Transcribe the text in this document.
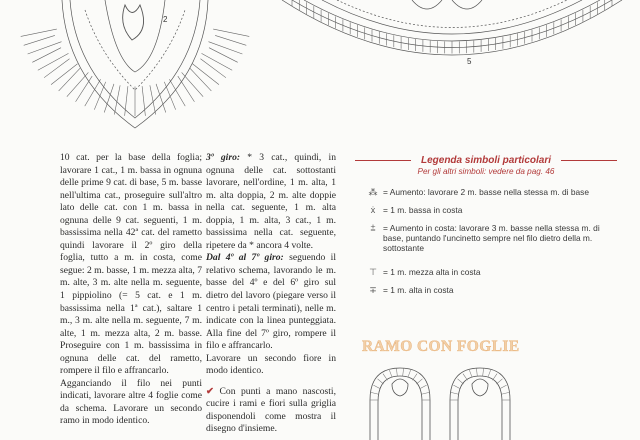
2
5

10 cat. per la base della foglia; lavorare 1 cat., 1 m. bassa in ognuna delle prime 9 cat. di base, 5 m. basse nell'ultima cat., proseguire sull'altro lato delle cat. con 1 m. bassa in ognuna delle 9 cat. seguenti, 1 m. bassissima nella 42ª cat. del rametto quindi lavorare il 2º giro della foglia, tutto a m. in costa, come segue: 2 m. basse, 1 m. mezza alta, 7 m. alte, 3 m. alte nella m. seguente, 1 pippiolino (= 5 cat. e 1 m. bassissima nella 1ª cat.), saltare 1 m., 3 m. alte nella m. seguente, 7 m. alte, 1 m. mezza alta, 2 m. basse. Proseguire con 1 m. bassissima in ognuna delle cat. del rametto, rompere il filo e affrancarlo.

Agganciando il filo nei punti indicati, lavorare altre 4 foglie come da schema. Lavorare un secondo ramo in modo identico.

3º giro: * 3 cat., quindi, in ognuna delle cat. sottostanti lavorare, nell'ordine, 1 m. alta, 1 m. alta doppia, 2 m. alte doppie nella cat. seguente, 1 m. alta doppia, 1 m. alta, 3 cat., 1 m. bassissima nella cat. seguente, ripetere da * ancora 4 volte.

Dal 4º al 7º giro: seguendo il relativo schema, lavorando le m. basse del 4º e del 6º giro sul dietro del lavoro (piegare verso il centro i petali terminati), nelle m. indicate con la linea punteggiata. Alla fine del 7º giro, rompere il filo e affrancarlo.

Lavorare un secondo fiore in modo identico.

✔ Con punti a mano nascosti, cucire i rami e fiori sulla griglia disponendoli come mostra il disegno d'insieme.

Legenda simboli particolari
Per gli altri simboli: vedere da pag. 46
⁂ = Aumento: lavorare 2 m. basse nella stessa m. di base
ẋ = 1 m. bassa in costa
⩲ = Aumento in costa: lavorare 3 m. basse nella stessa m. di base, puntando l'uncinetto sempre nel filo dietro della m. sottostante
⊤ = 1 m. mezza alta in costa
∓ = 1 m. alta in costa
RAMO CON FOGLIE
